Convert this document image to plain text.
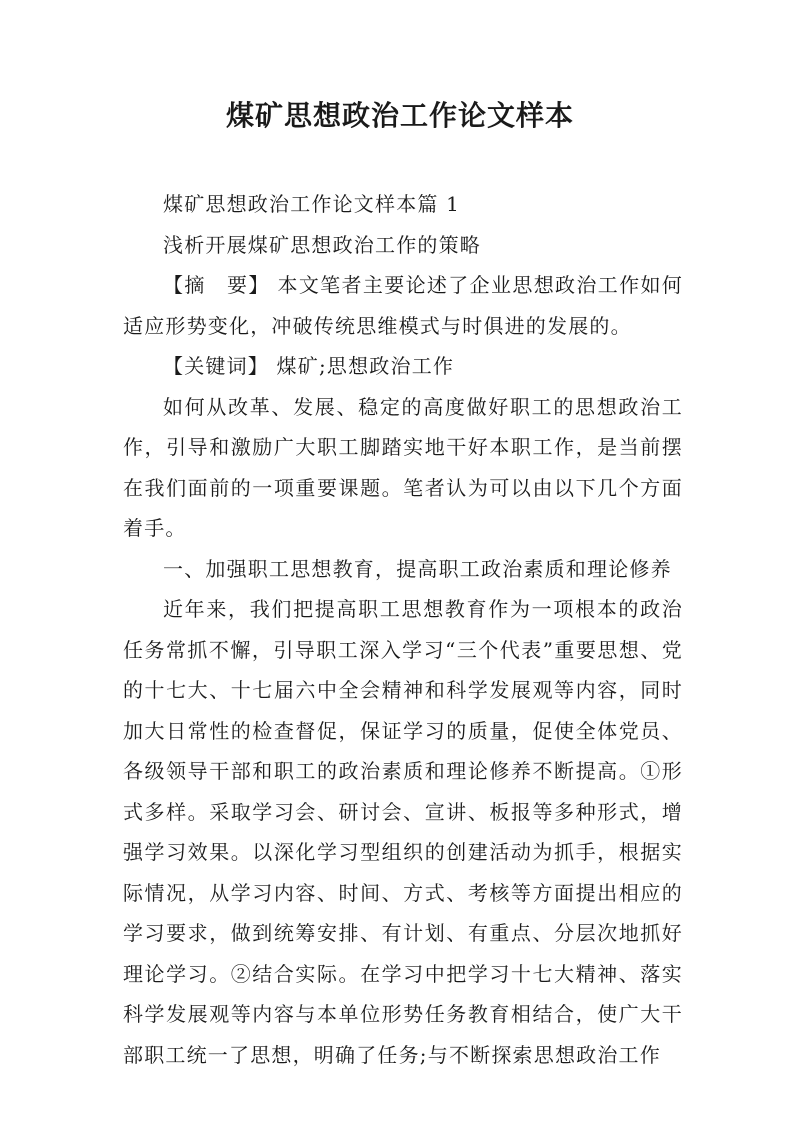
煤矿思想政治工作论文样本

煤矿思想政治工作论文样本篇 1

浅析开展煤矿思想政治工作的策略

【摘　要】 本文笔者主要论述了企业思想政治工作如何适应形势变化，冲破传统思维模式与时俱进的发展的。

【关键词】 煤矿;思想政治工作

如何从改革、发展、稳定的高度做好职工的思想政治工作，引导和激励广大职工脚踏实地干好本职工作，是当前摆在我们面前的一项重要课题。笔者认为可以由以下几个方面着手。

一、加强职工思想教育，提高职工政治素质和理论修养

近年来，我们把提高职工思想教育作为一项根本的政治任务常抓不懈，引导职工深入学习“三个代表”重要思想、党的十七大、十七届六中全会精神和科学发展观等内容，同时加大日常性的检查督促，保证学习的质量，促使全体党员、各级领导干部和职工的政治素质和理论修养不断提高。①形式多样。采取学习会、研讨会、宣讲、板报等多种形式，增强学习效果。以深化学习型组织的创建活动为抓手，根据实际情况，从学习内容、时间、方式、考核等方面提出相应的学习要求，做到统筹安排、有计划、有重点、分层次地抓好理论学习。②结合实际。在学习中把学习十七大精神、落实科学发展观等内容与本单位形势任务教育相结合，使广大干部职工统一了思想，明确了任务;与不断探索思想政治工作
